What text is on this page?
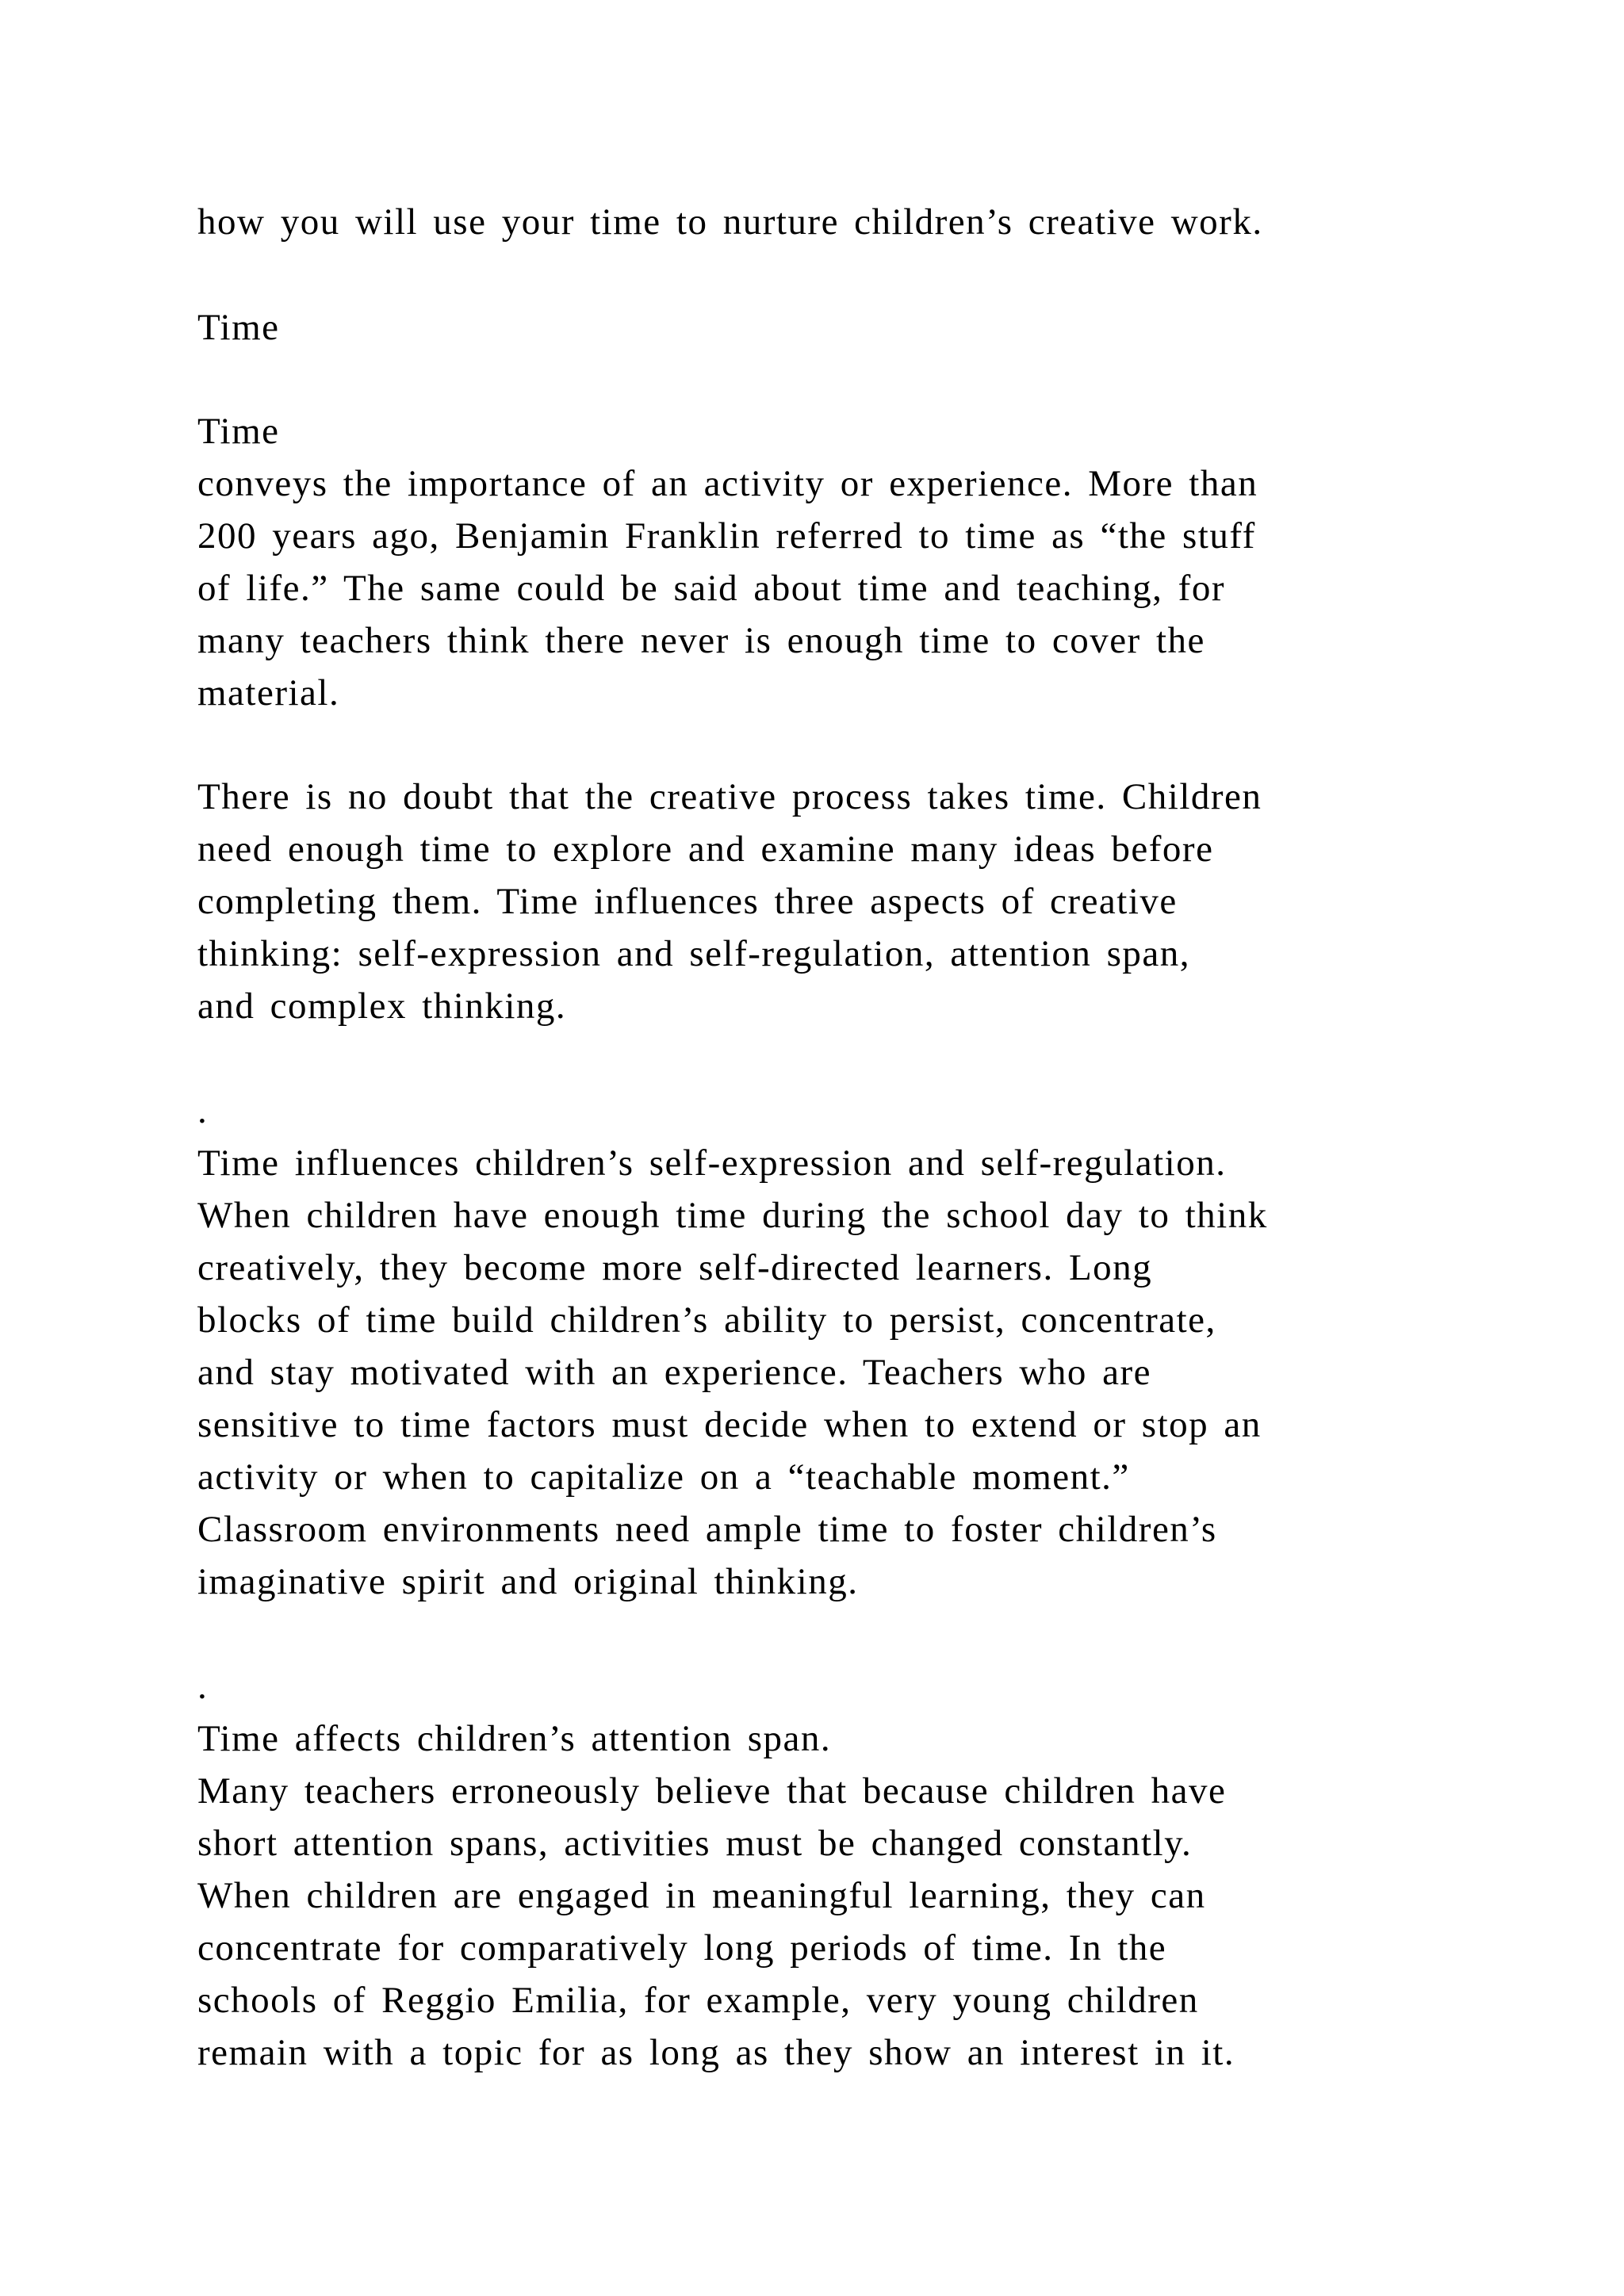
how you will use your time to nurture children’s creative work.
Time
Time
conveys the importance of an activity or experience. More than
200 years ago, Benjamin Franklin referred to time as “the stuff
of life.” The same could be said about time and teaching, for
many teachers think there never is enough time to cover the
material.
There is no doubt that the creative process takes time. Children
need enough time to explore and examine many ideas before
completing them. Time influences three aspects of creative
thinking: self-expression and self-regulation, attention span,
and complex thinking.
.
Time influences children’s self-expression and self-regulation.
When children have enough time during the school day to think
creatively, they become more self-directed learners. Long
blocks of time build children’s ability to persist, concentrate,
and stay motivated with an experience. Teachers who are
sensitive to time factors must decide when to extend or stop an
activity or when to capitalize on a “teachable moment.”
Classroom environments need ample time to foster children’s
imaginative spirit and original thinking.
.
Time affects children’s attention span.
Many teachers erroneously believe that because children have
short attention spans, activities must be changed constantly.
When children are engaged in meaningful learning, they can
concentrate for comparatively long periods of time. In the
schools of Reggio Emilia, for example, very young children
remain with a topic for as long as they show an interest in it.
